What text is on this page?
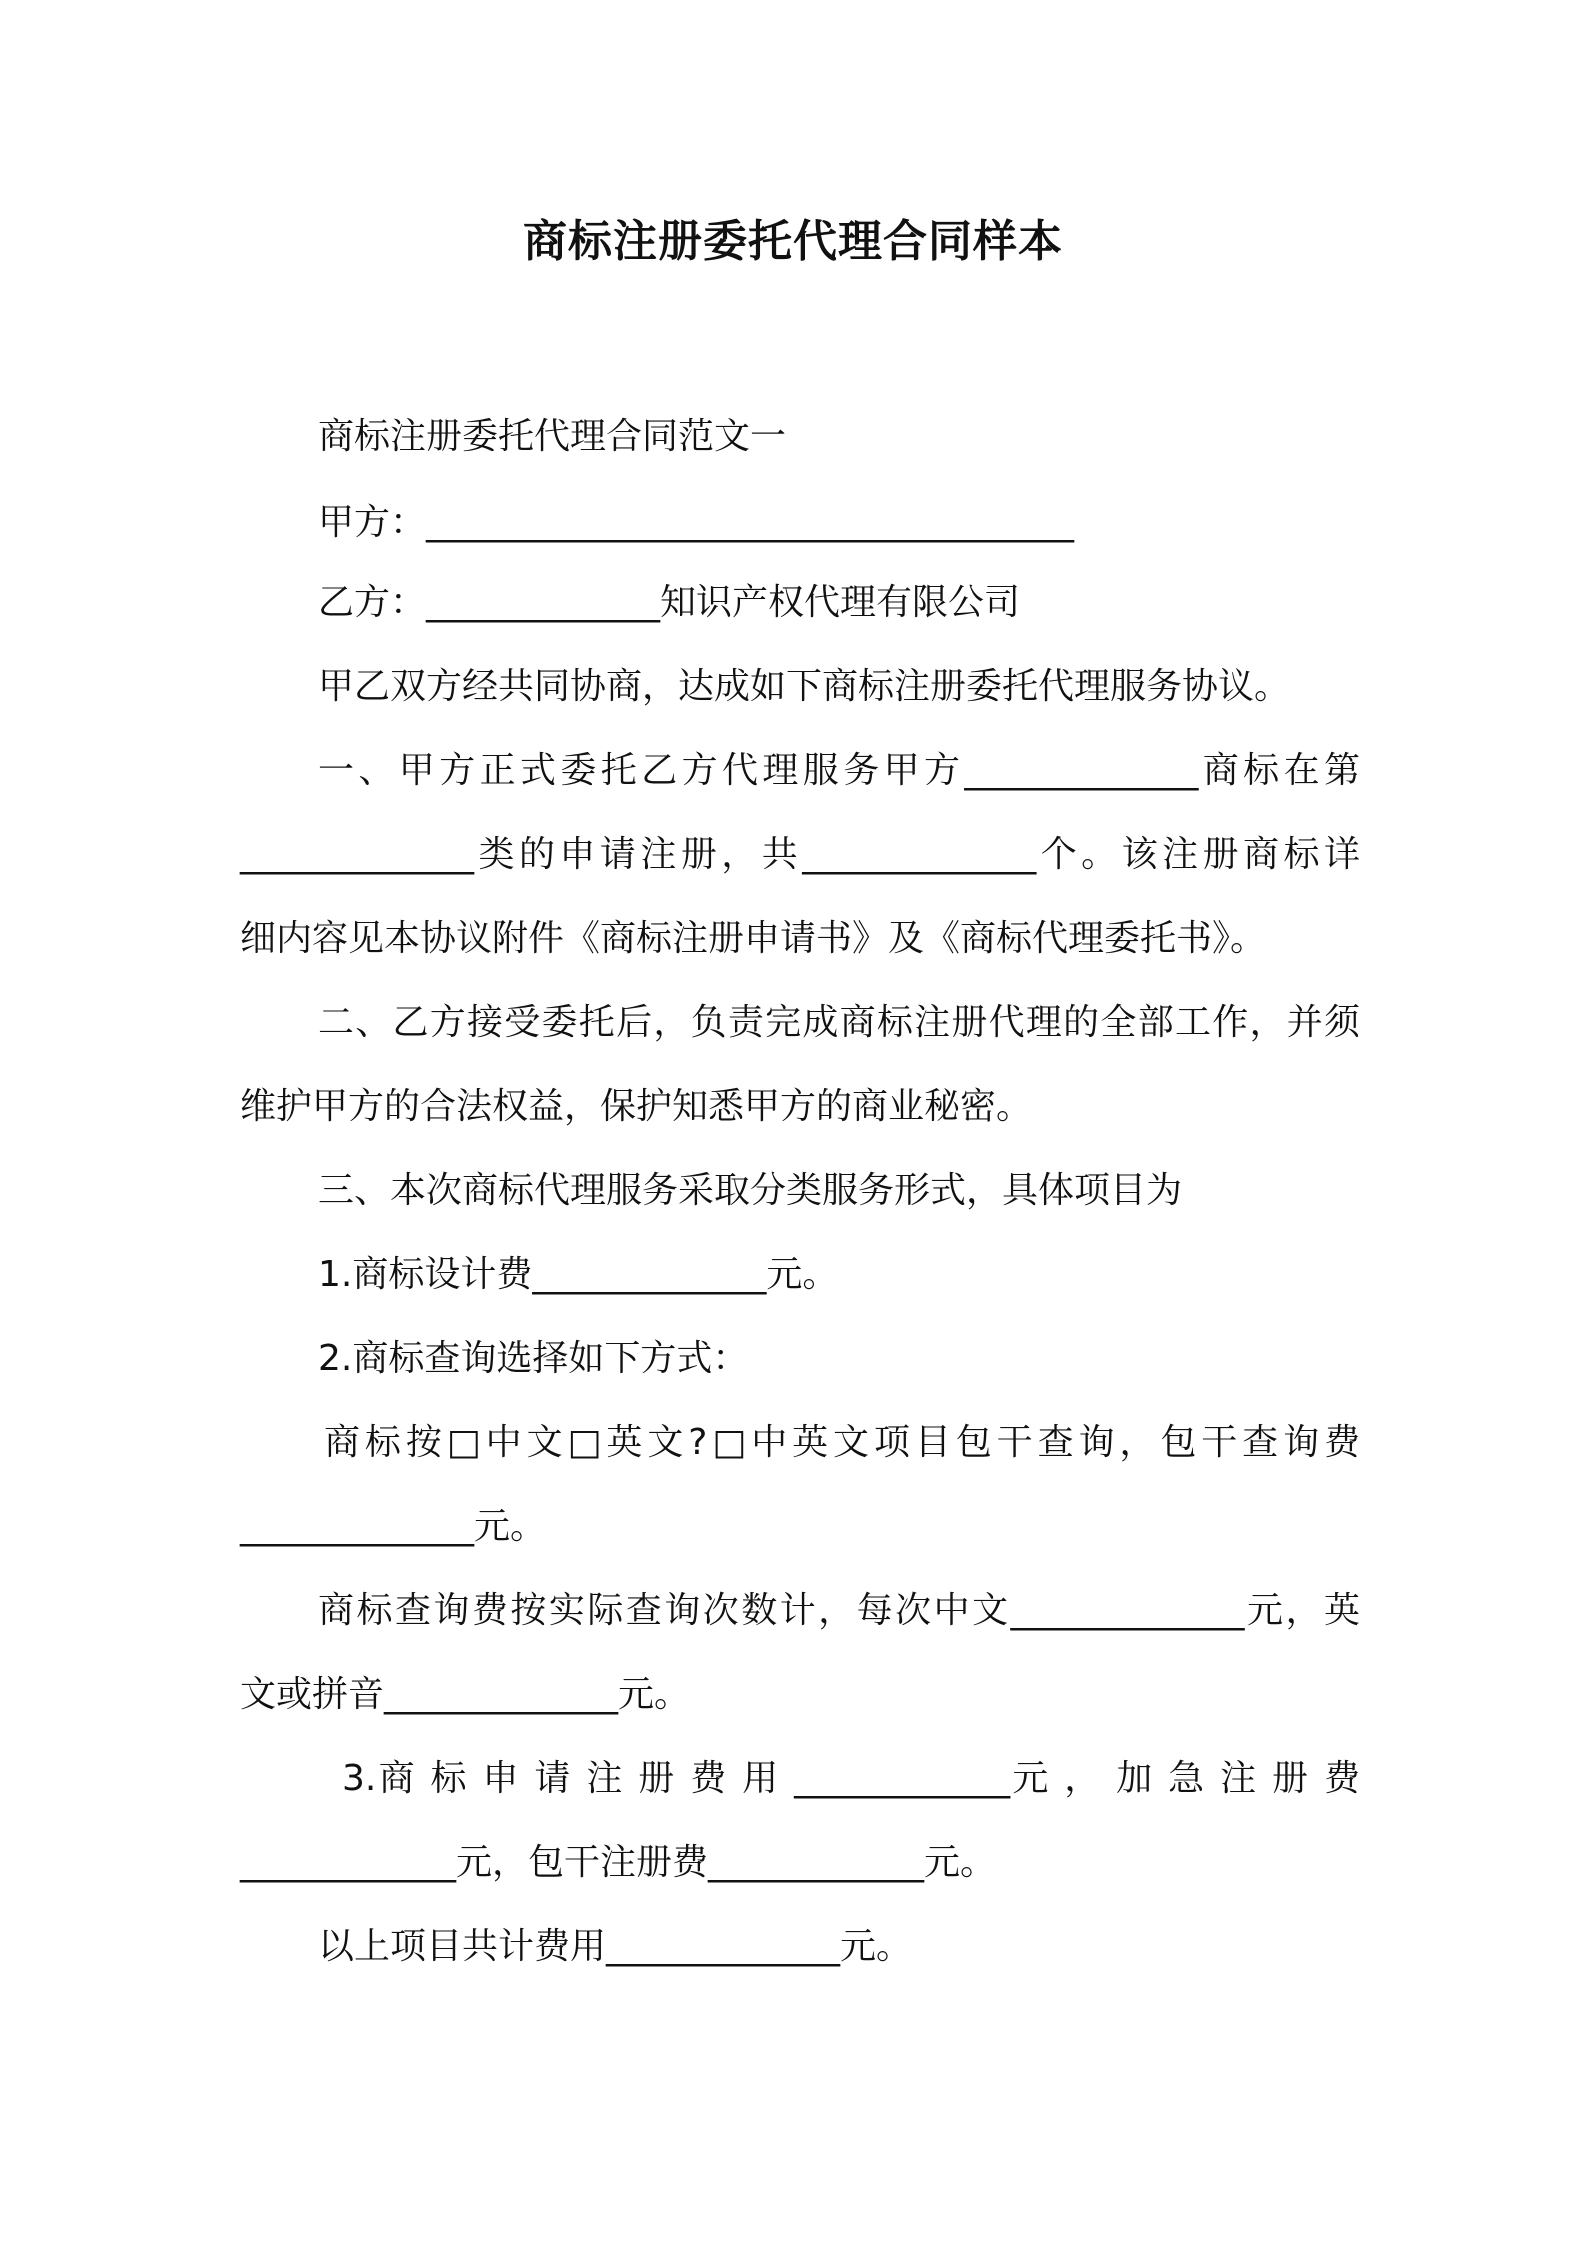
商标注册委托代理合同样本
商标注册委托代理合同范文一
甲方：____________________________________
乙方：_____________知识产权代理有限公司
甲乙双方经共同协商，达成如下商标注册委托代理服务协议。
一、甲方正式委托乙方代理服务甲方_____________商标在第
_____________类的申请注册，共_____________个。该注册商标详
细内容见本协议附件《商标注册申请书》及《商标代理委托书》。
二、乙方接受委托后，负责完成商标注册代理的全部工作，并须
维护甲方的合法权益，保护知悉甲方的商业秘密。
三、本次商标代理服务采取分类服务形式，具体项目为
1.商标设计费_____________元。
2.商标查询选择如下方式：
商标按□中文□英文?□中英文项目包干查询，包干查询费
_____________元。
商标查询费按实际查询次数计，每次中文_____________元，英
文或拼音_____________元。
3.商 标 申 请 注 册 费 用 ____________元 ， 加 急 注 册 费
____________元，包干注册费____________元。
以上项目共计费用_____________元。
